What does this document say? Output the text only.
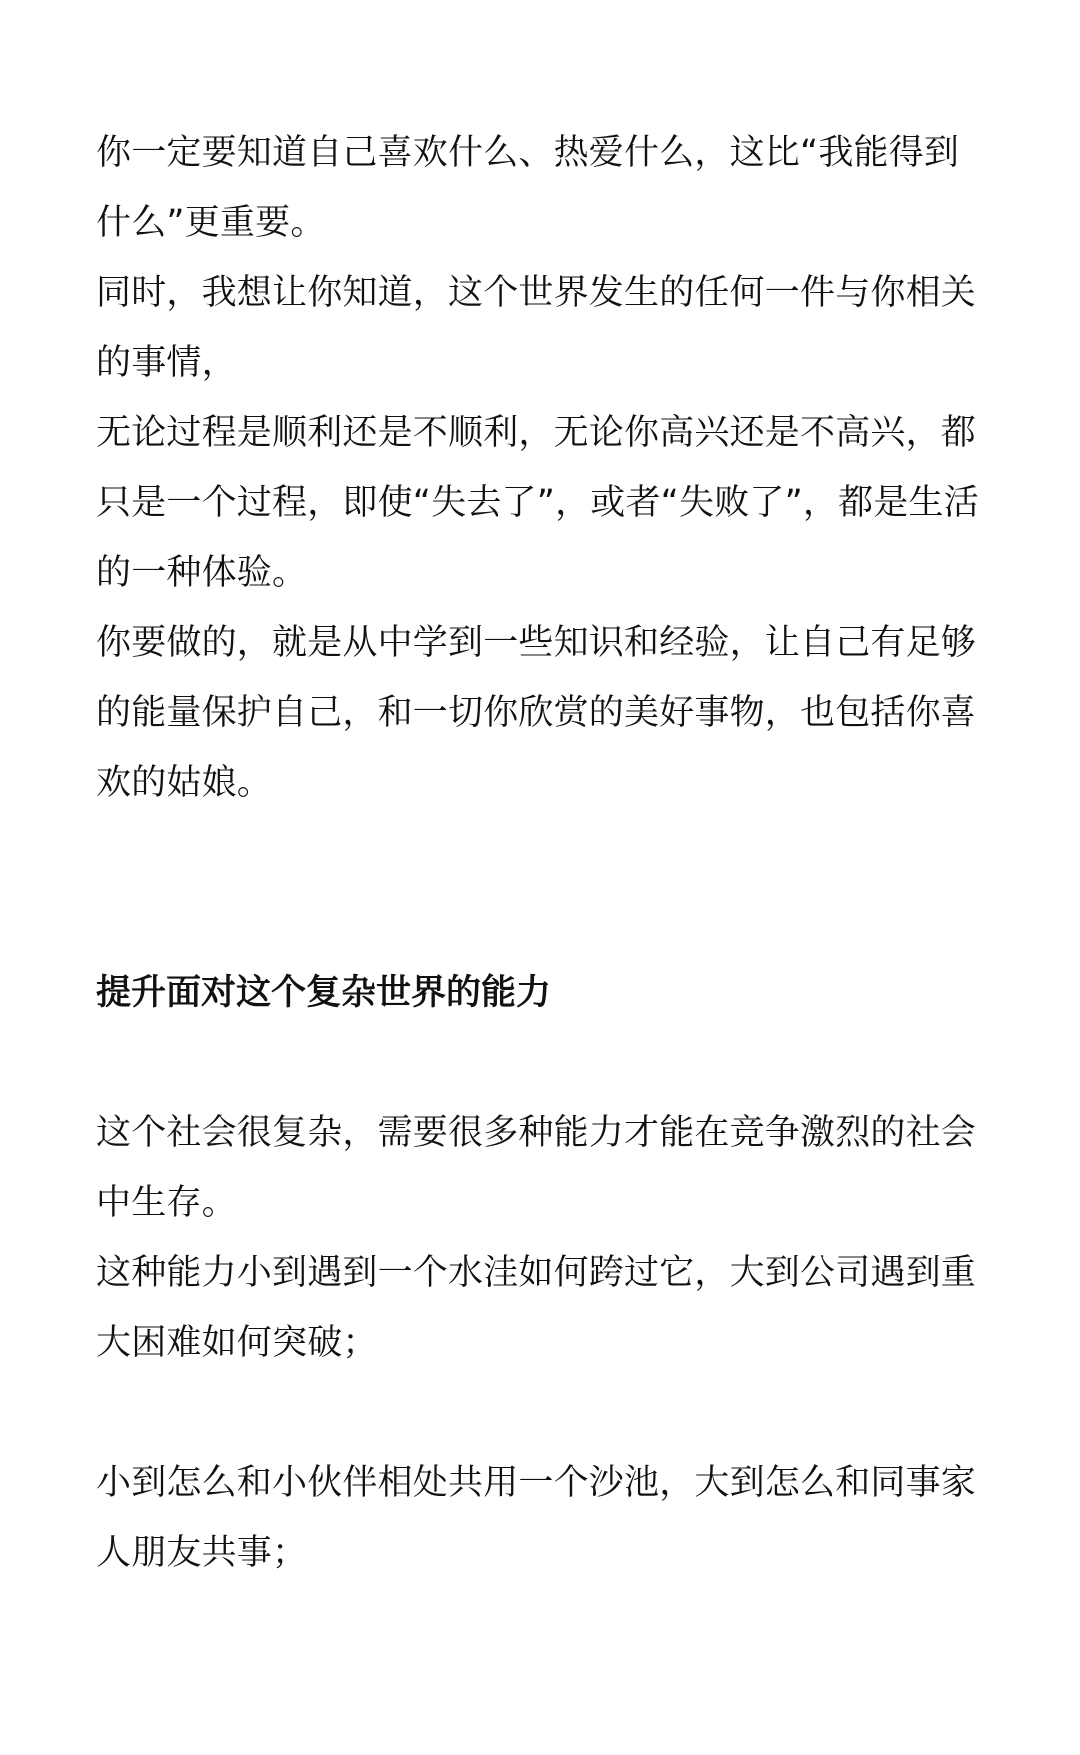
你一定要知道自己喜欢什么、热爱什么，这比“我能得到什么”更重要。

同时，我想让你知道，这个世界发生的任何一件与你相关的事情，

无论过程是顺利还是不顺利，无论你高兴还是不高兴，都只是一个过程，即使“失去了”，或者“失败了”，都是生活的一种体验。

你要做的，就是从中学到一些知识和经验，让自己有足够的能量保护自己，和一切你欣赏的美好事物，也包括你喜欢的姑娘。

提升面对这个复杂世界的能力

这个社会很复杂，需要很多种能力才能在竞争激烈的社会中生存。

这种能力小到遇到一个水洼如何跨过它，大到公司遇到重大困难如何突破；

小到怎么和小伙伴相处共用一个沙池，大到怎么和同事家人朋友共事；
